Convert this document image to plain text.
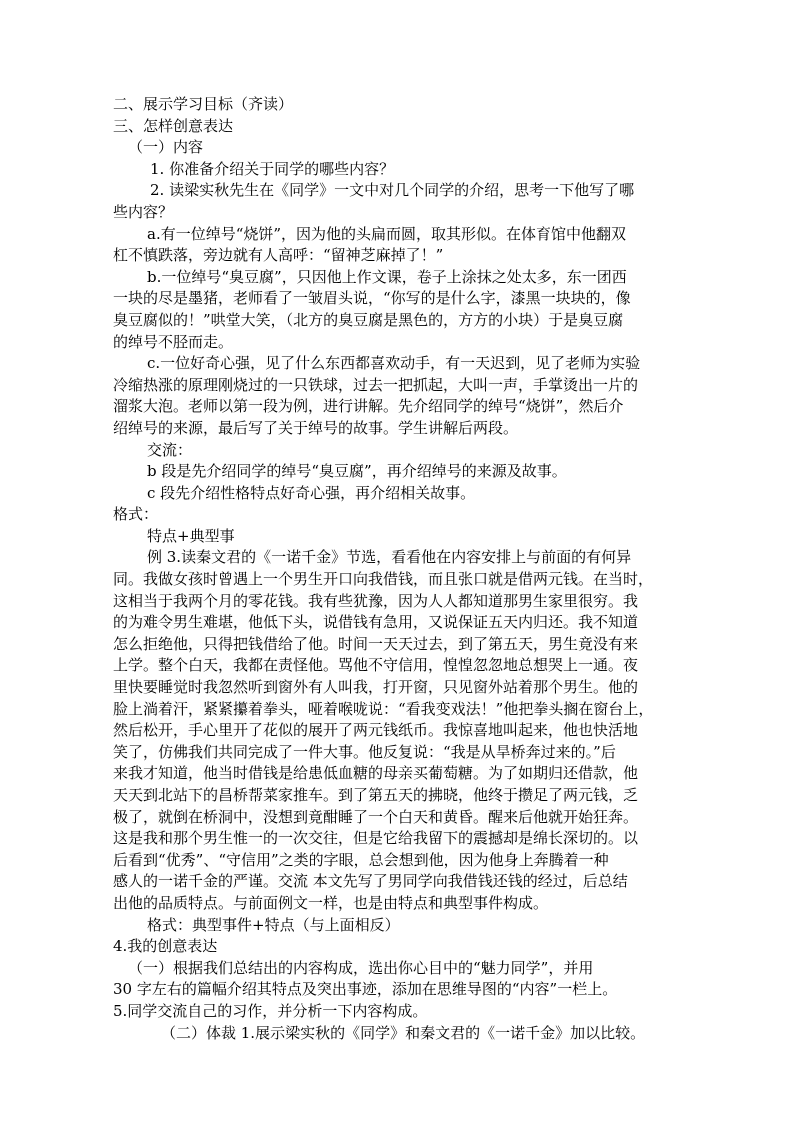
二、展示学习目标（齐读）

三、怎样创意表达

（一）内容

1. 你准备介绍关于同学的哪些内容？

2. 读梁实秋先生在《同学》一文中对几个同学的介绍，思考一下他写了哪

些内容？

a.有一位绰号“烧饼”，因为他的头扁而圆，取其形似。在体育馆中他翻双

杠不慎跌落，旁边就有人高呼：“留神芝麻掉了！”

b.一位绰号“臭豆腐”，只因他上作文课，卷子上涂抹之处太多，东一团西

一块的尽是墨猪，老师看了一皱眉头说，“你写的是什么字，漆黑一块块的，像

臭豆腐似的！”哄堂大笑，（北方的臭豆腐是黑色的，方方的小块）于是臭豆腐

的绰号不胫而走。

c.一位好奇心强，见了什么东西都喜欢动手，有一天迟到，见了老师为实验

冷缩热涨的原理刚烧过的一只铁球，过去一把抓起，大叫一声，手掌烫出一片的

溜浆大泡。老师以第一段为例，进行讲解。先介绍同学的绰号“烧饼”，然后介

绍绰号的来源，最后写了关于绰号的故事。学生讲解后两段。

交流：

b 段是先介绍同学的绰号“臭豆腐”，再介绍绰号的来源及故事。

c 段先介绍性格特点好奇心强，再介绍相关故事。

格式：

特点+典型事

例 3.读秦文君的《一诺千金》节选，看看他在内容安排上与前面的有何异

同。我做女孩时曾遇上一个男生开口向我借钱，而且张口就是借两元钱。在当时，

这相当于我两个月的零花钱。我有些犹豫，因为人人都知道那男生家里很穷。我

的为难令男生难堪，他低下头，说借钱有急用，又说保证五天内归还。我不知道

怎么拒绝他，只得把钱借给了他。时间一天天过去，到了第五天，男生竟没有来

上学。整个白天，我都在责怪他。骂他不守信用，惶惶忽忽地总想哭上一通。夜

里快要睡觉时我忽然听到窗外有人叫我，打开窗，只见窗外站着那个男生。他的

脸上淌着汗，紧紧攥着拳头，哑着喉咙说：“看我变戏法！”他把拳头搁在窗台上，

然后松开，手心里开了花似的展开了两元钱纸币。我惊喜地叫起来，他也快活地

笑了，仿佛我们共同完成了一件大事。他反复说：“我是从旱桥奔过来的。”后

来我才知道，他当时借钱是给患低血糖的母亲买葡萄糖。为了如期归还借款，他

天天到北站下的昌桥帮菜家推车。到了第五天的拂晓，他终于攒足了两元钱，乏

极了，就倒在桥洞中，没想到竟酣睡了一个白天和黄昏。醒来后他就开始狂奔。

这是我和那个男生惟一的一次交往，但是它给我留下的震撼却是绵长深切的。以

后看到“优秀”、“守信用”之类的字眼，总会想到他，因为他身上奔腾着一种

感人的一诺千金的严谨。交流 本文先写了男同学向我借钱还钱的经过，后总结

出他的品质特点。与前面例文一样，也是由特点和典型事件构成。

格式：典型事件+特点（与上面相反）

4.我的创意表达

（一）根据我们总结出的内容构成，选出你心目中的“魅力同学”，并用

30 字左右的篇幅介绍其特点及突出事迹，添加在思维导图的“内容”一栏上。

5.同学交流自己的习作，并分析一下内容构成。

（二）体裁 1.展示梁实秋的《同学》和秦文君的《一诺千金》加以比较。
